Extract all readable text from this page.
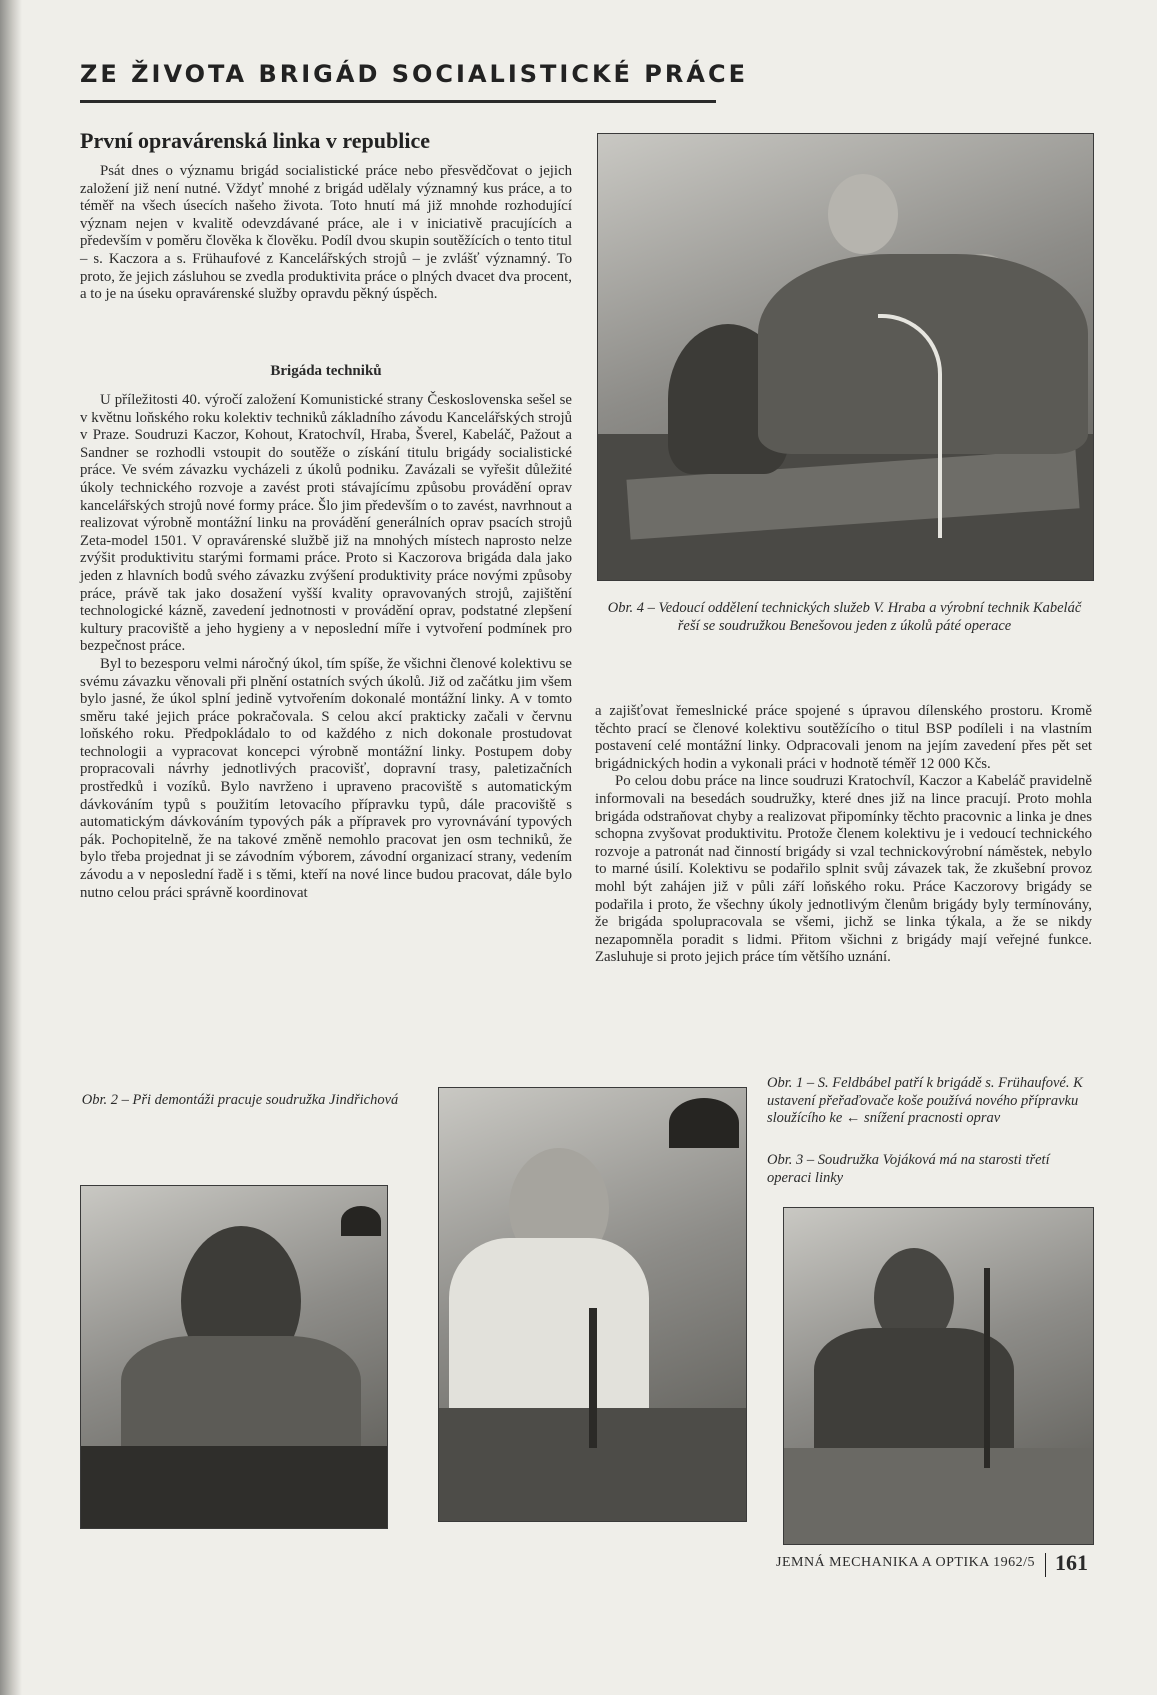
ZE ŽIVOTA BRIGÁD SOCIALISTICKÉ PRÁCE
První opravárenská linka v republice

Psát dnes o významu brigád socialistické práce nebo přesvědčovat o jejich založení již není nutné. Vždyť mnohé z brigád udělaly významný kus práce, a to téměř na všech úsecích našeho života. Toto hnutí má již mnohde rozhodující význam nejen v kvalitě odevzdávané práce, ale i v iniciativě pracujících a především v poměru člověka k člověku. Podíl dvou skupin soutěžících o tento titul – s. Kaczora a s. Frühaufové z Kancelářských strojů – je zvlášť významný. To proto, že jejich zásluhou se zvedla produktivita práce o plných dvacet dva procent, a to je na úseku opravárenské služby opravdu pěkný úspěch.

Brigáda techniků

U příležitosti 40. výročí založení Komunistické strany Československa sešel se v květnu loňského roku kolektiv techniků základního závodu Kancelářských strojů v Praze. Soudruzi Kaczor, Kohout, Kratochvíl, Hraba, Šverel, Kabeláč, Pažout a Sandner se rozhodli vstoupit do soutěže o získání titulu brigády socialistické práce. Ve svém závazku vycházeli z úkolů podniku. Zavázali se vyřešit důležité úkoly technického rozvoje a zavést proti stávajícímu způsobu provádění oprav kancelářských strojů nové formy práce. Šlo jim především o to zavést, navrhnout a realizovat výrobně montážní linku na provádění generálních oprav psacích strojů Zeta-model 1501. V opravárenské službě již na mnohých místech naprosto nelze zvýšit produktivitu starými formami práce. Proto si Kaczorova brigáda dala jako jeden z hlavních bodů svého závazku zvýšení produktivity práce novými způsoby práce, právě tak jako dosažení vyšší kvality opravovaných strojů, zajištění technologické kázně, zavedení jednotnosti v provádění oprav, podstatné zlepšení kultury pracoviště a jeho hygieny a v neposlední míře i vytvoření podmínek pro bezpečnost práce.

Byl to bezesporu velmi náročný úkol, tím spíše, že všichni členové kolektivu se svému závazku věnovali při plnění ostatních svých úkolů. Již od začátku jim všem bylo jasné, že úkol splní jedině vytvořením dokonalé montážní linky. A v tomto směru také jejich práce pokračovala. S celou akcí prakticky začali v červnu loňského roku. Předpokládalo to od každého z nich dokonale prostudovat technologii a vypracovat koncepci výrobně montážní linky. Postupem doby propracovali návrhy jednotlivých pracovišť, dopravní trasy, paletizačních prostředků i vozíků. Bylo navrženo i upraveno pracoviště s automatickým dávkováním typů s použitím letovacího přípravku typů, dále pracoviště s automatickým dávkováním typových pák a přípravek pro vyrovnávání typových pák. Pochopitelně, že na takové změně nemohlo pracovat jen osm techniků, že bylo třeba projednat ji se závodním výborem, závodní organizací strany, vedením závodu a v neposlední řadě i s těmi, kteří na nové lince budou pracovat, dále bylo nutno celou práci správně koordinovat

Obr. 4 – Vedoucí oddělení technických služeb V. Hraba a výrobní technik Kabeláč řeší se soudružkou Benešovou jeden z úkolů páté operace

a zajišťovat řemeslnické práce spojené s úpravou dílenského prostoru. Kromě těchto prací se členové kolektivu soutěžícího o titul BSP podíleli i na vlastním postavení celé montážní linky. Odpracovali jenom na jejím zavedení přes pět set brigádnických hodin a vykonali práci v hodnotě téměř 12 000 Kčs.

Po celou dobu práce na lince soudruzi Kratochvíl, Kaczor a Kabeláč pravidelně informovali na besedách soudružky, které dnes již na lince pracují. Proto mohla brigáda odstraňovat chyby a realizovat připomínky těchto pracovnic a linka je dnes schopna zvyšovat produktivitu. Protože členem kolektivu je i vedoucí technického rozvoje a patronát nad činností brigády si vzal technickovýrobní náměstek, nebylo to marné úsilí. Kolektivu se podařilo splnit svůj závazek tak, že zkušební provoz mohl být zahájen již v půli září loňského roku. Práce Kaczorovy brigády se podařila i proto, že všechny úkoly jednotlivým členům brigády byly termínovány, že brigáda spolupracovala se všemi, jichž se linka týkala, a že se nikdy nezapomněla poradit s lidmi. Přitom všichni z brigády mají veřejné funkce. Zasluhuje si proto jejich práce tím většího uznání.

Obr. 2 – Při demontáži pracuje soudružka Jindřichová

Obr. 1 – S. Feldbábel patří k brigádě s. Frühaufové. K ustavení přeřaďovače koše používá nového přípravku sloužícího ke ← snížení pracnosti oprav

Obr. 3 – Soudružka Vojáková má na starosti třetí operaci linky

JEMNÁ MECHANIKA A OPTIKA 1962/5 161
